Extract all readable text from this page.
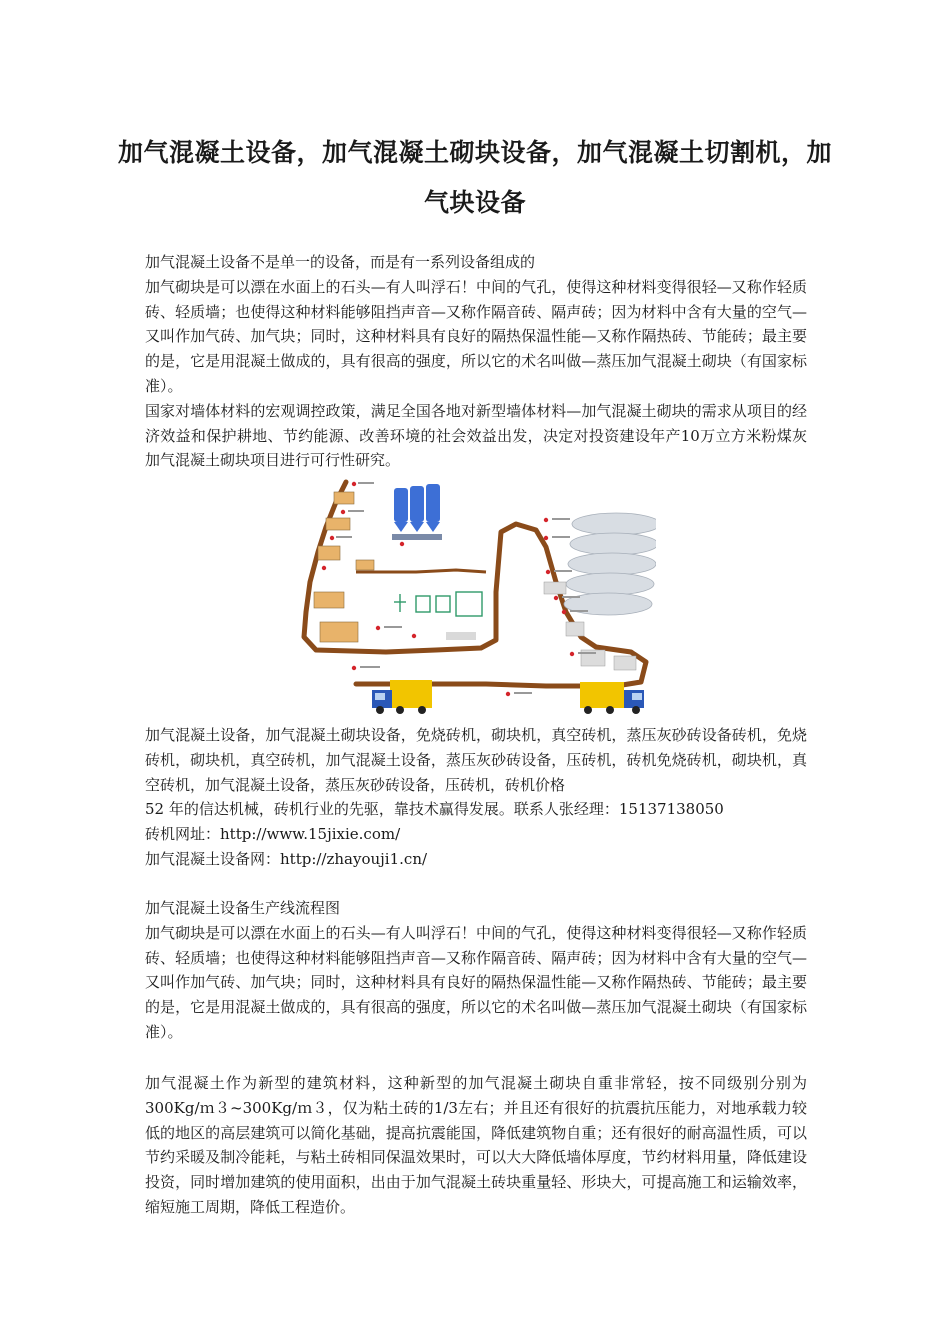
加气混凝土设备，加气混凝土砌块设备，加气混凝土切割机，加气块设备

加气混凝土设备不是单一的设备，而是有一系列设备组成的

加气砌块是可以漂在水面上的石头—有人叫浮石！中间的气孔，使得这种材料变得很轻—又称作轻质砖、轻质墙；也使得这种材料能够阻挡声音—又称作隔音砖、隔声砖；因为材料中含有大量的空气—又叫作加气砖、加气块；同时，这种材料具有良好的隔热保温性能—又称作隔热砖、节能砖；最主要的是，它是用混凝土做成的，具有很高的强度，所以它的术名叫做—蒸压加气混凝土砌块（有国家标准）。

国家对墙体材料的宏观调控政策，满足全国各地对新型墙体材料—加气混凝土砌块的需求从项目的经济效益和保护耕地、节约能源、改善环境的社会效益出发，决定对投资建设年产10万立方米粉煤灰加气混凝土砌块项目进行可行性研究。

加气混凝土设备，加气混凝土砌块设备，免烧砖机，砌块机，真空砖机，蒸压灰砂砖设备砖机，免烧砖机，砌块机，真空砖机，加气混凝土设备，蒸压灰砂砖设备，压砖机，砖机免烧砖机，砌块机，真空砖机，加气混凝土设备，蒸压灰砂砖设备，压砖机，砖机价格

52 年的信达机械，砖机行业的先驱，靠技术赢得发展。联系人张经理：15137138050

砖机网址：http://www.15jixie.com/

加气混凝土设备网：http://zhayouji1.cn/

加气混凝土设备生产线流程图

加气砌块是可以漂在水面上的石头—有人叫浮石！中间的气孔，使得这种材料变得很轻—又称作轻质砖、轻质墙；也使得这种材料能够阻挡声音—又称作隔音砖、隔声砖；因为材料中含有大量的空气—又叫作加气砖、加气块；同时，这种材料具有良好的隔热保温性能—又称作隔热砖、节能砖；最主要的是，它是用混凝土做成的，具有很高的强度，所以它的术名叫做—蒸压加气混凝土砌块（有国家标准）。

加气混凝土作为新型的建筑材料，这种新型的加气混凝土砌块自重非常轻，按不同级别分别为300Kg/ｍ３~300Kg/ｍ３，仅为粘土砖的1/3左右；并且还有很好的抗震抗压能力，对地承载力较低的地区的高层建筑可以简化基础，提高抗震能国，降低建筑物自重；还有很好的耐高温性质，可以节约采暖及制冷能耗，与粘土砖相同保温效果时，可以大大降低墙体厚度，节约材料用量，降低建设投资，同时增加建筑的使用面积，出由于加气混凝土砖块重量轻、形块大，可提高施工和运输效率，缩短施工周期，降低工程造价。
